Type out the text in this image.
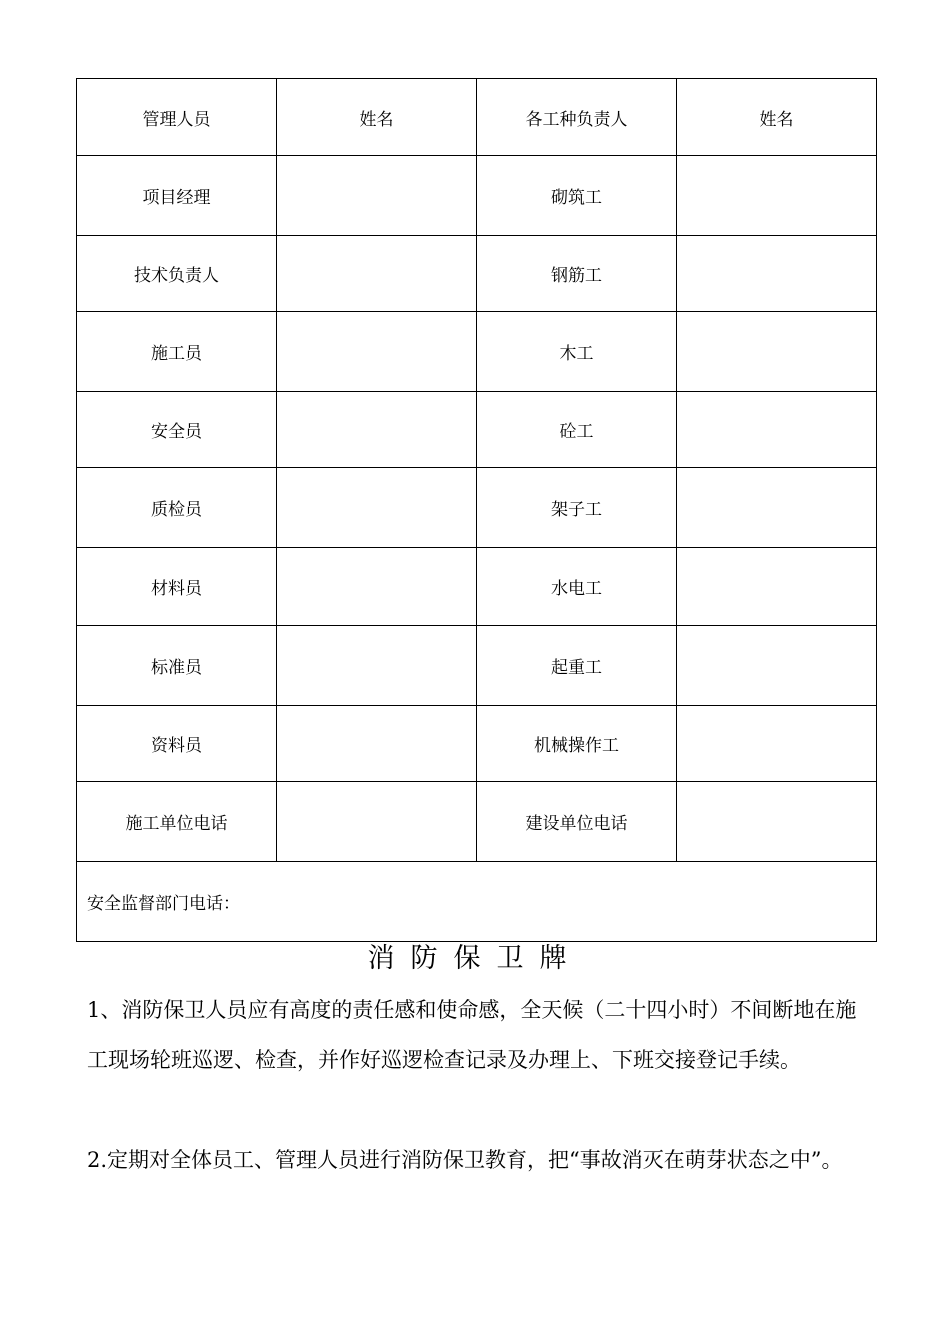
管理人员	姓名	各工种负责人	姓名
项目经理		砌筑工	
技术负责人		钢筋工	
施工员		木工	
安全员		砼工	
质检员		架子工	
材料员		水电工	
标准员		起重工	
资料员		机械操作工	
施工单位电话		建设单位电话	
安全监督部门电话：			
消防保卫牌

1、消防保卫人员应有高度的责任感和使命感，全天候（二十四小时）不间断地在施工现场轮班巡逻、检查，并作好巡逻检查记录及办理上、下班交接登记手续。

2.定期对全体员工、管理人员进行消防保卫教育，把“事故消灭在萌芽状态之中”。
